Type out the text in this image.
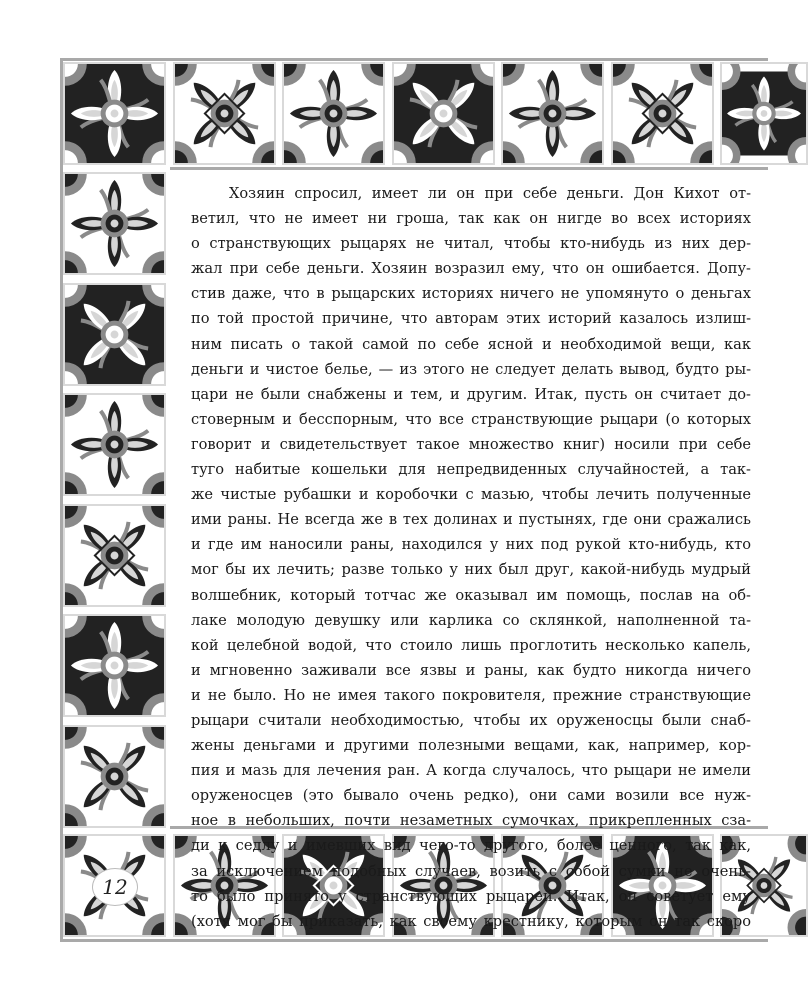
Хозяин спросил, имеет ли он при себе деньги. Дон Кихот от-
ветил, что не имеет ни гроша, так как он нигде во всех историях
о странствующих рыцарях не читал, чтобы кто-нибудь из них дер-
жал при себе деньги. Хозяин возразил ему, что он ошибается. Допу-
стив даже, что в рыцарских историях ничего не упомянуто о деньгах
по той простой причине, что авторам этих историй казалось излиш-
ним писать о такой самой по себе ясной и необходимой вещи, как
деньги и чистое белье, — из этого не следует делать вывод, будто ры-
цари не были снабжены и тем, и другим. Итак, пусть он считает до-
стоверным и бесспорным, что все странствующие рыцари (о которых
говорит и свидетельствует такое множество книг) носили при себе
туго набитые кошельки для непредвиденных случайностей, а так-
же чистые рубашки и коробочки с мазью, чтобы лечить полученные
ими раны. Не всегда же в тех долинах и пустынях, где они сражались
и где им наносили раны, находился у них под рукой кто-нибудь, кто
мог бы их лечить; разве только у них был друг, какой-нибудь мудрый
волшебник, который тотчас же оказывал им помощь, послав на об-
лаке молодую девушку или карлика со склянкой, наполненной та-
кой целебной водой, что стоило лишь проглотить несколько капель,
и мгновенно заживали все язвы и раны, как будто никогда ничего
и не было. Но не имея такого покровителя, прежние странствующие
рыцари считали необходимостью, чтобы их оруженосцы были снаб-
жены деньгами и другими полезными вещами, как, например, кор-
пия и мазь для лечения ран. А когда случалось, что рыцари не имели
оруженосцев (это бывало очень редко), они сами возили все нуж-
ное в небольших, почти незаметных сумочках, прикрепленных сза-
ди к седлу и имевших вид чего-то другого, более ценного, так как,
за исключением подобных случаев, возить с собой сумки не очень-
то было принято у странствующих рыцарей. Итак, он советует ему
(хотя мог бы приказать, как своему крестнику, которым он так скоро
12
